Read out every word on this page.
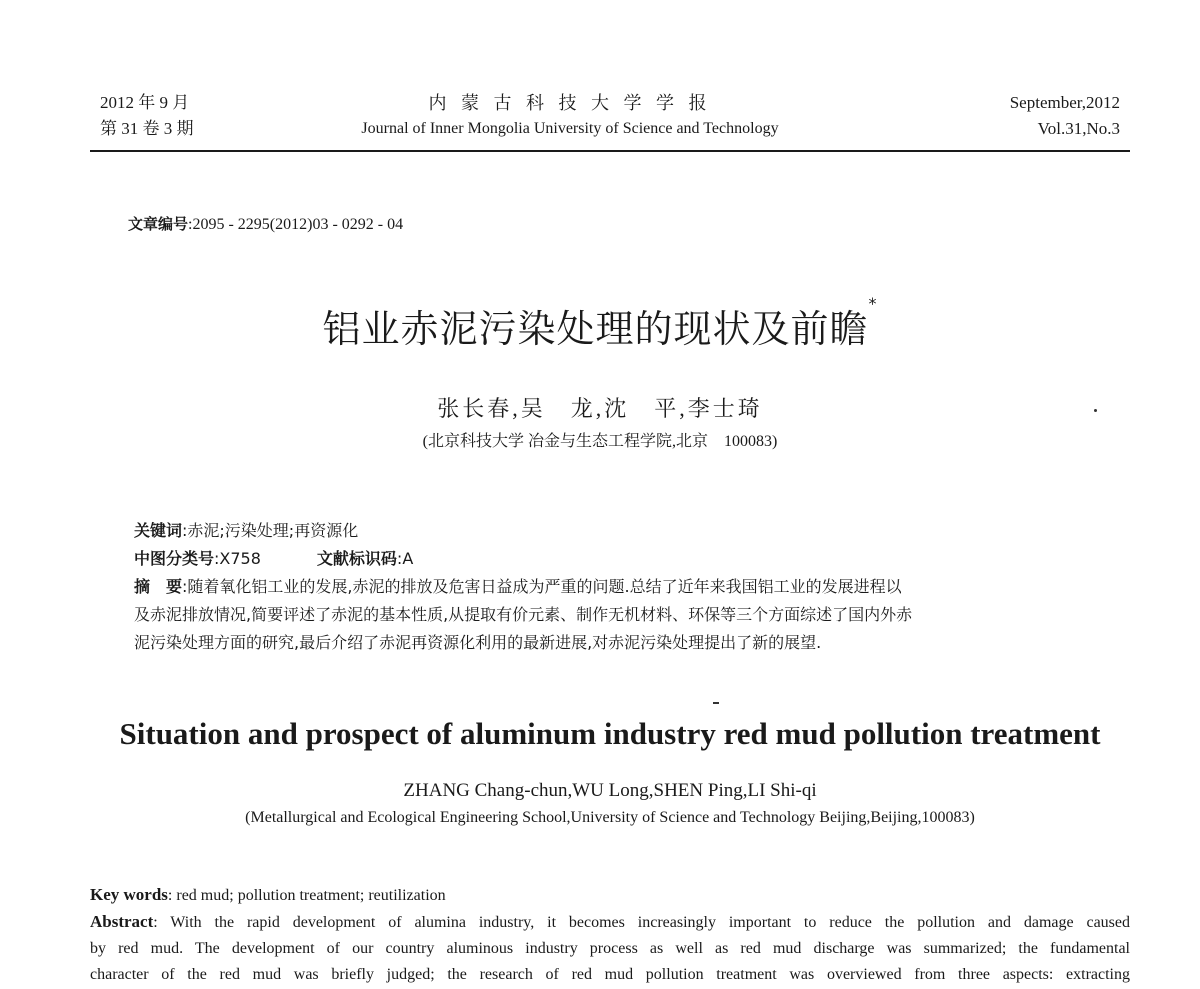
2012 年 9 月
第 31 卷 3 期
内 蒙 古 科 技 大 学 学 报
Journal of Inner Mongolia University of Science and Technology
September,2012
Vol.31,No.3
文章编号:2095 - 2295(2012)03 - 0292 - 04
铝业赤泥污染处理的现状及前瞻*
张长春,吴　龙,沈　平,李士琦
(北京科技大学 冶金与生态工程学院,北京　100083)
关键词:赤泥;污染处理;再资源化
中图分类号:X758	文献标识码:A
摘　要:随着氧化铝工业的发展,赤泥的排放及危害日益成为严重的问题.总结了近年来我国铝工业的发展进程以
及赤泥排放情况,简要评述了赤泥的基本性质,从提取有价元素、制作无机材料、环保等三个方面综述了国内外赤
泥污染处理方面的研究,最后介绍了赤泥再资源化利用的最新进展,对赤泥污染处理提出了新的展望.
Situation and prospect of aluminum industry red mud pollution treatment
ZHANG Chang-chun,WU Long,SHEN Ping,LI Shi-qi
(Metallurgical and Ecological Engineering School,University of Science and Technology Beijing,Beijing,100083)
Key words: red mud; pollution treatment; reutilization
Abstract: With the rapid development of alumina industry, it becomes increasingly important to reduce the pollution and damage caused
by red mud. The development of our country aluminous industry process as well as red mud discharge was summarized; the fundamental
character of the red mud was briefly judged; the research of red mud pollution treatment was overviewed from three aspects: extracting
